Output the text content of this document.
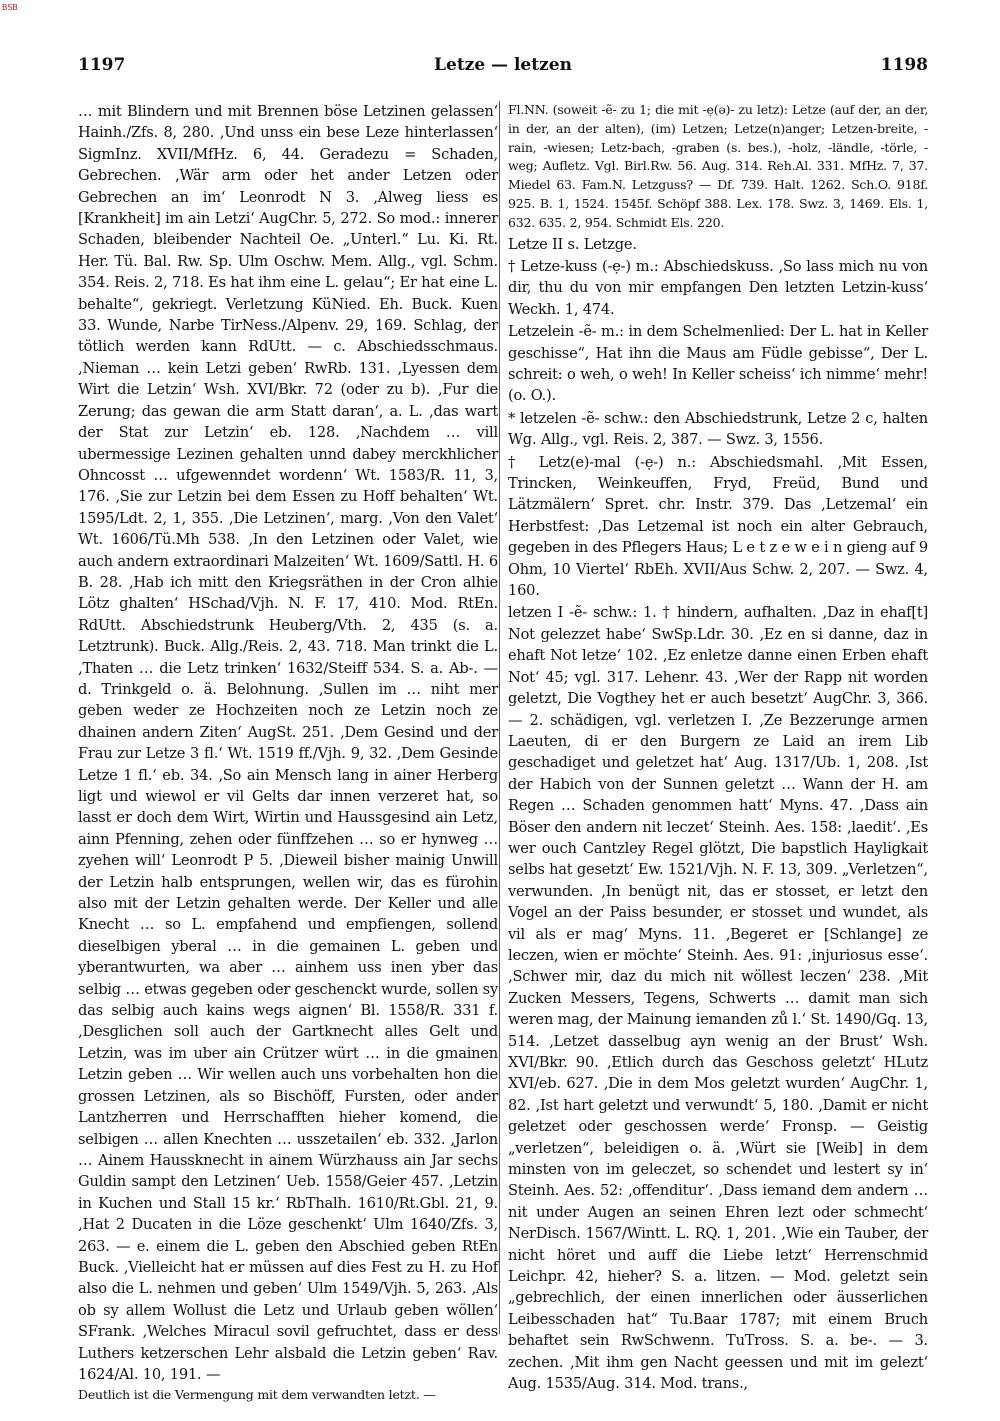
BSB
1197	Letze — letzen	1198

… mit Blindern und mit Brennen böse Letzinen gelassen‘ Hainh./Zfs. 8, 280. ‚Und unss ein bese Leze hinterlassen‘ SigmInz. XVII/MfHz. 6, 44. Geradezu = Schaden, Gebrechen. ‚Wär arm oder het ander Letzen oder Gebrechen an im‘ Leonrodt N 3. ‚Alweg liess es [Krankheit] im ain Letzi‘ AugChr. 5, 272. So mod.: innerer Schaden, bleibender Nachteil Oe. „Unterl.“ Lu. Ki. Rt. Her. Tü. Bal. Rw. Sp. Ulm Oschw. Mem. Allg., vgl. Schm. 354. Reis. 2, 718. Es hat ihm eine L. gelau“; Er hat eine L. behalte“, gekriegt. Verletzung KüNied. Eh. Buck. Kuen 33. Wunde, Narbe TirNess./Alpenv. 29, 169. Schlag, der tötlich werden kann RdUtt. — c. Abschiedsschmaus. ‚Nieman … kein Letzi geben‘ RwRb. 131. ‚Lyessen dem Wirt die Letzin‘ Wsh. XVI/Bkr. 72 (oder zu b). ‚Fur die Zerung; das gewan die arm Statt daran‘, a. L. ‚das wart der Stat zur Letzin‘ eb. 128. ‚Nachdem … vill ubermessige Lezinen gehalten unnd dabey merckhlicher Ohncosst … ufgewenndet wordenn‘ Wt. 1583/R. 11, 3, 176. ‚Sie zur Letzin bei dem Essen zu Hoff behalten‘ Wt. 1595/Ldt. 2, 1, 355. ‚Die Letzinen‘, marg. ‚Von den Valet‘ Wt. 1606/Tü.Mh 538. ‚In den Letzinen oder Valet, wie auch andern extraordinari Malzeiten‘ Wt. 1609/Sattl. H. 6 B. 28. ‚Hab ich mitt den Kriegsräthen in der Cron alhie Lötz ghalten‘ HSchad/Vjh. N. F. 17, 410. Mod. RtEn. RdUtt. Abschiedstrunk Heuberg/Vth. 2, 435 (s. a. Letztrunk). Buck. Allg./Reis. 2, 43. 718. Man trinkt die L. ‚Thaten … die Letz trinken‘ 1632/Steiff 534. S. a. Ab-. — d. Trinkgeld o. ä. Belohnung. ‚Sullen im … niht mer geben weder ze Hochzeiten noch ze Letzin noch ze dhainen andern Ziten‘ AugSt. 251. ‚Dem Gesind und der Frau zur Letze 3 fl.‘ Wt. 1519 ff./Vjh. 9, 32. ‚Dem Gesinde Letze 1 fl.‘ eb. 34. ‚So ain Mensch lang in ainer Herberg ligt und wiewol er vil Gelts dar innen verzeret hat, so lasst er doch dem Wirt, Wirtin und Haussgesind ain Letz, ainn Pfenning, zehen oder fünffzehen … so er hynweg … zyehen will‘ Leonrodt P 5. ‚Dieweil bisher mainig Unwill der Letzin halb entsprungen, wellen wir, das es fürohin also mit der Letzin gehalten werde. Der Keller und alle Knecht … so L. empfahend und empfiengen, sollend dieselbigen yberal … in die gemainen L. geben und yberantwurten, wa aber … ainhem uss inen yber das selbig … etwas gegeben oder geschenckt wurde, sollen sy das selbig auch kains wegs aignen‘ Bl. 1558/R. 331 f. ‚Desglichen soll auch der Gartknecht alles Gelt und Letzin, was im uber ain Crützer würt … in die gmainen Letzin geben … Wir wellen auch uns vorbehalten hon die grossen Letzinen, als so Bischöff, Fursten, oder ander Lantzherren und Herrschafften hieher komend, die selbigen … allen Knechten … usszetailen‘ eb. 332. ‚Jarlon … Ainem Haussknecht in ainem Würzhauss ain Jar sechs Guldin sampt den Letzinen‘ Ueb. 1558/Geier 457. ‚Letzin in Kuchen und Stall 15 kr.‘ RbThalh. 1610/Rt.Gbl. 21, 9. ‚Hat 2 Ducaten in die Löze geschenkt‘ Ulm 1640/Zfs. 3, 263. — e. einem die L. geben den Abschied geben RtEn Buck. ‚Vielleicht hat er müssen auf dies Fest zu H. zu Hof also die L. nehmen und geben‘ Ulm 1549/Vjh. 5, 263. ‚Als ob sy allem Wollust die Letz und Urlaub geben wöllen‘ SFrank. ‚Welches Miracul sovil gefruchtet, dass er dess Luthers ketzerschen Lehr alsbald die Letzin geben‘ Rav. 1624/Al. 10, 191. —

Deutlich ist die Vermengung mit dem verwandten letzt. —

Fl.NN. (soweit -ẽ- zu 1; die mit -ẹ(ə)- zu letz): Letze (auf der, an der, in der, an der alten), (im) Letzen; Letze(n)anger; Letzen-breite, -rain, -wiesen; Letz-bach, -graben (s. bes.), -holz, -ländle, -törle, -weg; Aufletz. Vgl. Birl.Rw. 56. Aug. 314. Reh.Al. 331. MfHz. 7, 37. Miedel 63. Fam.N. Letzguss? — Df. 739. Halt. 1262. Sch.O. 918f. 925. B. 1, 1524. 1545f. Schöpf 388. Lex. 178. Swz. 3, 1469. Els. 1, 632. 635. 2, 954. Schmidt Els. 220.

Letze II s. Letzge.

† Letze-kuss (-ẹ-) m.: Abschiedskuss. ‚So lass mich nu von dir, thu du von mir empfangen Den letzten Letzin-kuss‘ Weckh. 1, 474.

Letzelein -ẽ- m.: in dem Schelmenlied: Der L. hat in Keller geschisse“, Hat ihn die Maus am Füdle gebisse“, Der L. schreit: o weh, o weh! In Keller scheiss‘ ich nimme‘ mehr! (o. O.).

* letzelen -ẽ- schw.: den Abschiedstrunk, Letze 2 c, halten Wg. Allg., vgl. Reis. 2, 387. — Swz. 3, 1556.

† Letz(e)-mal (-ẹ-) n.: Abschiedsmahl. ‚Mit Essen, Trincken, Weinkeuffen, Fryd, Freüd, Bund und Lätzmälern‘ Spret. chr. Instr. 379. Das ‚Letzemal‘ ein Herbstfest: ‚Das Letzemal ist noch ein alter Gebrauch, gegeben in des Pflegers Haus; L e t z e w e i n gieng auf 9 Ohm, 10 Viertel‘ RbEh. XVII/Aus Schw. 2, 207. — Swz. 4, 160.

letzen I -ẽ- schw.: 1. † hindern, aufhalten. ‚Daz in ehaf[t] Not gelezzet habe‘ SwSp.Ldr. 30. ‚Ez en si danne, daz in ehaft Not letze‘ 102. ‚Ez enletze danne einen Erben ehaft Not‘ 45; vgl. 317. Lehenr. 43. ‚Wer der Rapp nit worden geletzt, Die Vogthey het er auch besetzt‘ AugChr. 3, 366. — 2. schädigen, vgl. verletzen I. ‚Ze Bezzerunge armen Laeuten, di er den Burgern ze Laid an irem Lib geschadiget und geletzet hat‘ Aug. 1317/Ub. 1, 208. ‚Ist der Habich von der Sunnen geletzt … Wann der H. am Regen … Schaden genommen hatt‘ Myns. 47. ‚Dass ain Böser den andern nit leczet‘ Steinh. Aes. 158: ‚laedit‘. ‚Es wer ouch Cantzley Regel glötzt, Die bapstlich Hayligkait selbs hat gesetzt‘ Ew. 1521/Vjh. N. F. 13, 309. „Verletzen“, verwunden. ‚In benügt nit, das er stosset, er letzt den Vogel an der Paiss besunder, er stosset und wundet, als vil als er mag‘ Myns. 11. ‚Begeret er [Schlange] ze leczen, wien er möchte‘ Steinh. Aes. 91: ‚injuriosus esse‘. ‚Schwer mir, daz du mich nit wöllest leczen‘ 238. ‚Mit Zucken Messers, Tegens, Schwerts … damit man sich weren mag, der Mainung iemanden zů l.‘ St. 1490/Gq. 13, 514. ‚Letzet dasselbug ayn wenig an der Brust‘ Wsh. XVI/Bkr. 90. ‚Etlich durch das Geschoss geletzt‘ HLutz XVI/eb. 627. ‚Die in dem Mos geletzt wurden‘ AugChr. 1, 82. ‚Ist hart geletzt und verwundt‘ 5, 180. ‚Damit er nicht geletzet oder geschossen werde‘ Fronsp. — Geistig „verletzen“, beleidigen o. ä. ‚Würt sie [Weib] in dem minsten von im geleczet, so schendet und lestert sy in‘ Steinh. Aes. 52: ‚offenditur‘. ‚Dass iemand dem andern … nit under Augen an seinen Ehren lezt oder schmecht‘ NerDisch. 1567/Wintt. L. RQ. 1, 201. ‚Wie ein Tauber, der nicht höret und auff die Liebe letzt‘ Herrenschmid Leichpr. 42, hieher? S. a. litzen. — Mod. geletzt sein „gebrechlich, der einen innerlichen oder äusserlichen Leibesschaden hat“ Tu.Baar 1787; mit einem Bruch behaftet sein RwSchwenn. TuTross. S. a. be-. — 3. zechen. ‚Mit ihm gen Nacht geessen und mit im gelezt‘ Aug. 1535/Aug. 314. Mod. trans.,
